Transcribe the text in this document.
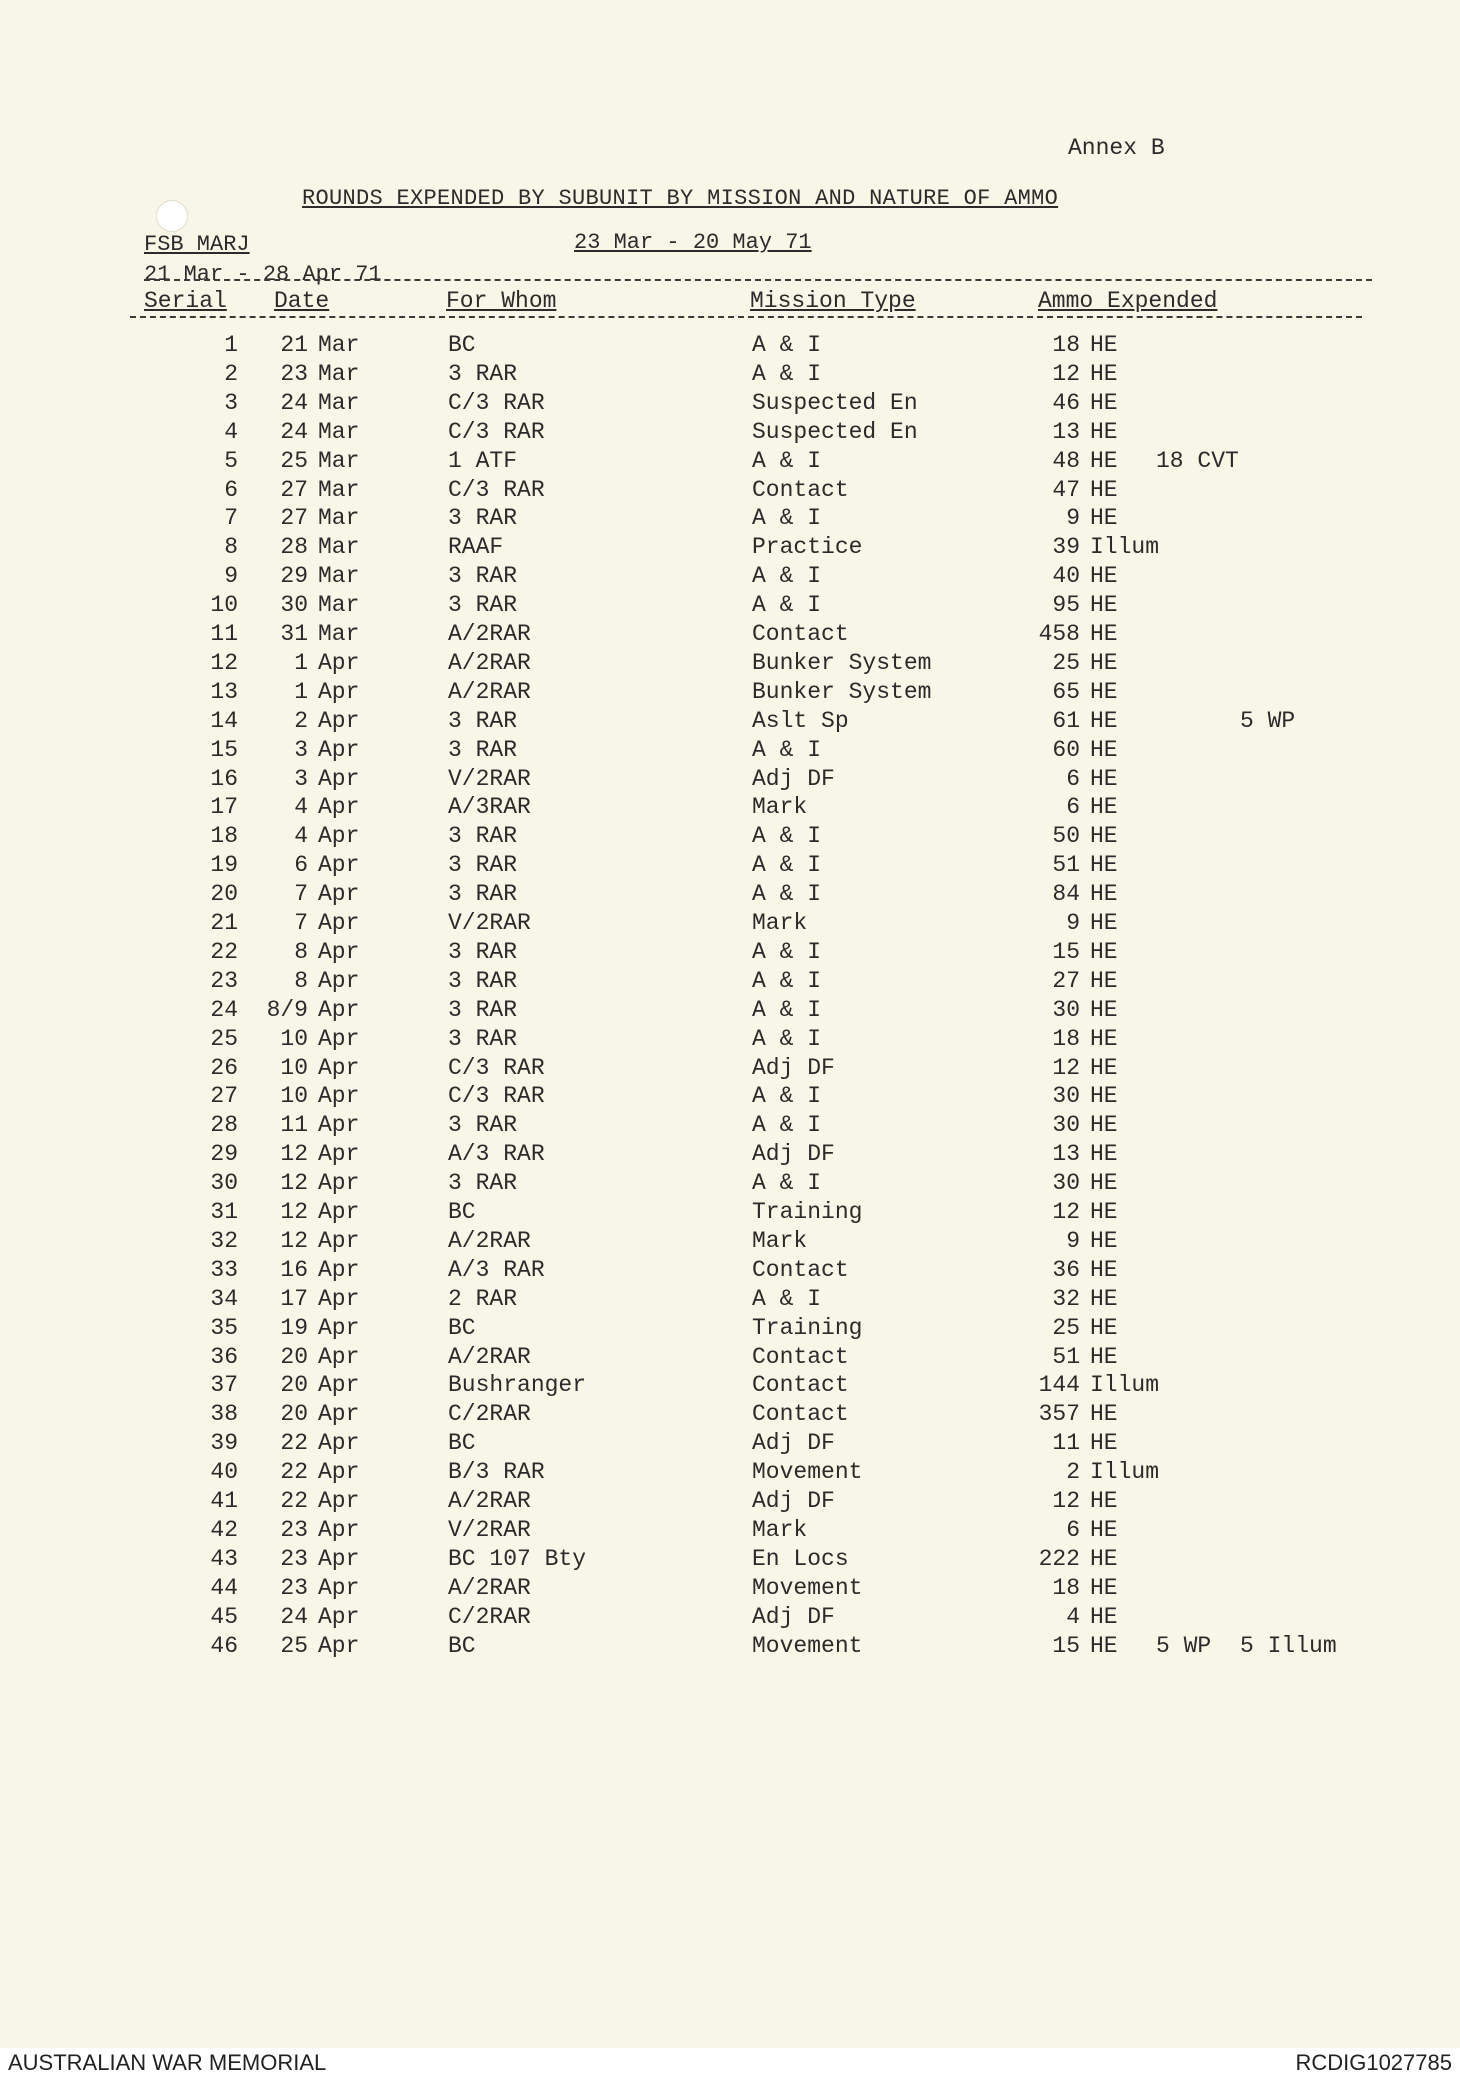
Annex B
ROUNDS EXPENDED BY SUBUNIT BY MISSION AND NATURE OF AMMO
FSB MARJ	23 Mar - 20 May 71
21 Mar - 28 Apr 71
Serial Date	For Whom	Mission Type	Ammo Expended
1	21 Mar	BC	A & I	18 HE
2	23 Mar	3 RAR	A & I	12 HE
3	24 Mar	C/3 RAR	Suspected En	46 HE
4	24 Mar	C/3 RAR	Suspected En	13 HE
5	25 Mar	1 ATF	A & I	48 HE 18 CVT
6	27 Mar	C/3 RAR	Contact	47 HE
7	27 Mar	3 RAR	A & I	9 HE
8	28 Mar	RAAF	Practice	39 Illum
9	29 Mar	3 RAR	A & I	40 HE
10	30 Mar	3 RAR	A & I	95 HE
11	31 Mar	A/2RAR	Contact	458 HE
12	1 Apr	A/2RAR	Bunker System	25 HE
13	1 Apr	A/2RAR	Bunker System	65 HE
14	2 Apr	3 RAR	Aslt Sp	61 HE	5 WP
15	3 Apr	3 RAR	A & I	60 HE
16	3 Apr	V/2RAR	Adj DF	6 HE
17	4 Apr	A/3RAR	Mark	6 HE
18	4 Apr	3 RAR	A & I	50 HE
19	6 Apr	3 RAR	A & I	51 HE
20	7 Apr	3 RAR	A & I	84 HE
21	7 Apr	V/2RAR	Mark	9 HE
22	8 Apr	3 RAR	A & I	15 HE
23	8 Apr	3 RAR	A & I	27 HE
24	8/9 Apr	3 RAR	A & I	30 HE
25	10 Apr	3 RAR	A & I	18 HE
26	10 Apr	C/3 RAR	Adj DF	12 HE
27	10 Apr	C/3 RAR	A & I	30 HE
28	11 Apr	3 RAR	A & I	30 HE
29	12 Apr	A/3 RAR	Adj DF	13 HE
30	12 Apr	3 RAR	A & I	30 HE
31	12 Apr	BC	Training	12 HE
32	12 Apr	A/2RAR	Mark	9 HE
33	16 Apr	A/3 RAR	Contact	36 HE
34	17 Apr	2 RAR	A & I	32 HE
35	19 Apr	BC	Training	25 HE
36	20 Apr	A/2RAR	Contact	51 HE
37	20 Apr	Bushranger	Contact	144 Illum
38	20 Apr	C/2RAR	Contact	357 HE
39	22 Apr	BC	Adj DF	11 HE
40	22 Apr	B/3 RAR	Movement	2 Illum
41	22 Apr	A/2RAR	Adj DF	12 HE
42	23 Apr	V/2RAR	Mark	6 HE
43	23 Apr	BC 107 Bty	En Locs	222 HE
44	23 Apr	A/2RAR	Movement	18 HE
45	24 Apr	C/2RAR	Adj DF	4 HE
46	25 Apr	BC	Movement	15 HE 5 WP 5 Illum
AUSTRALIAN WAR MEMORIAL	RCDIG1027785
